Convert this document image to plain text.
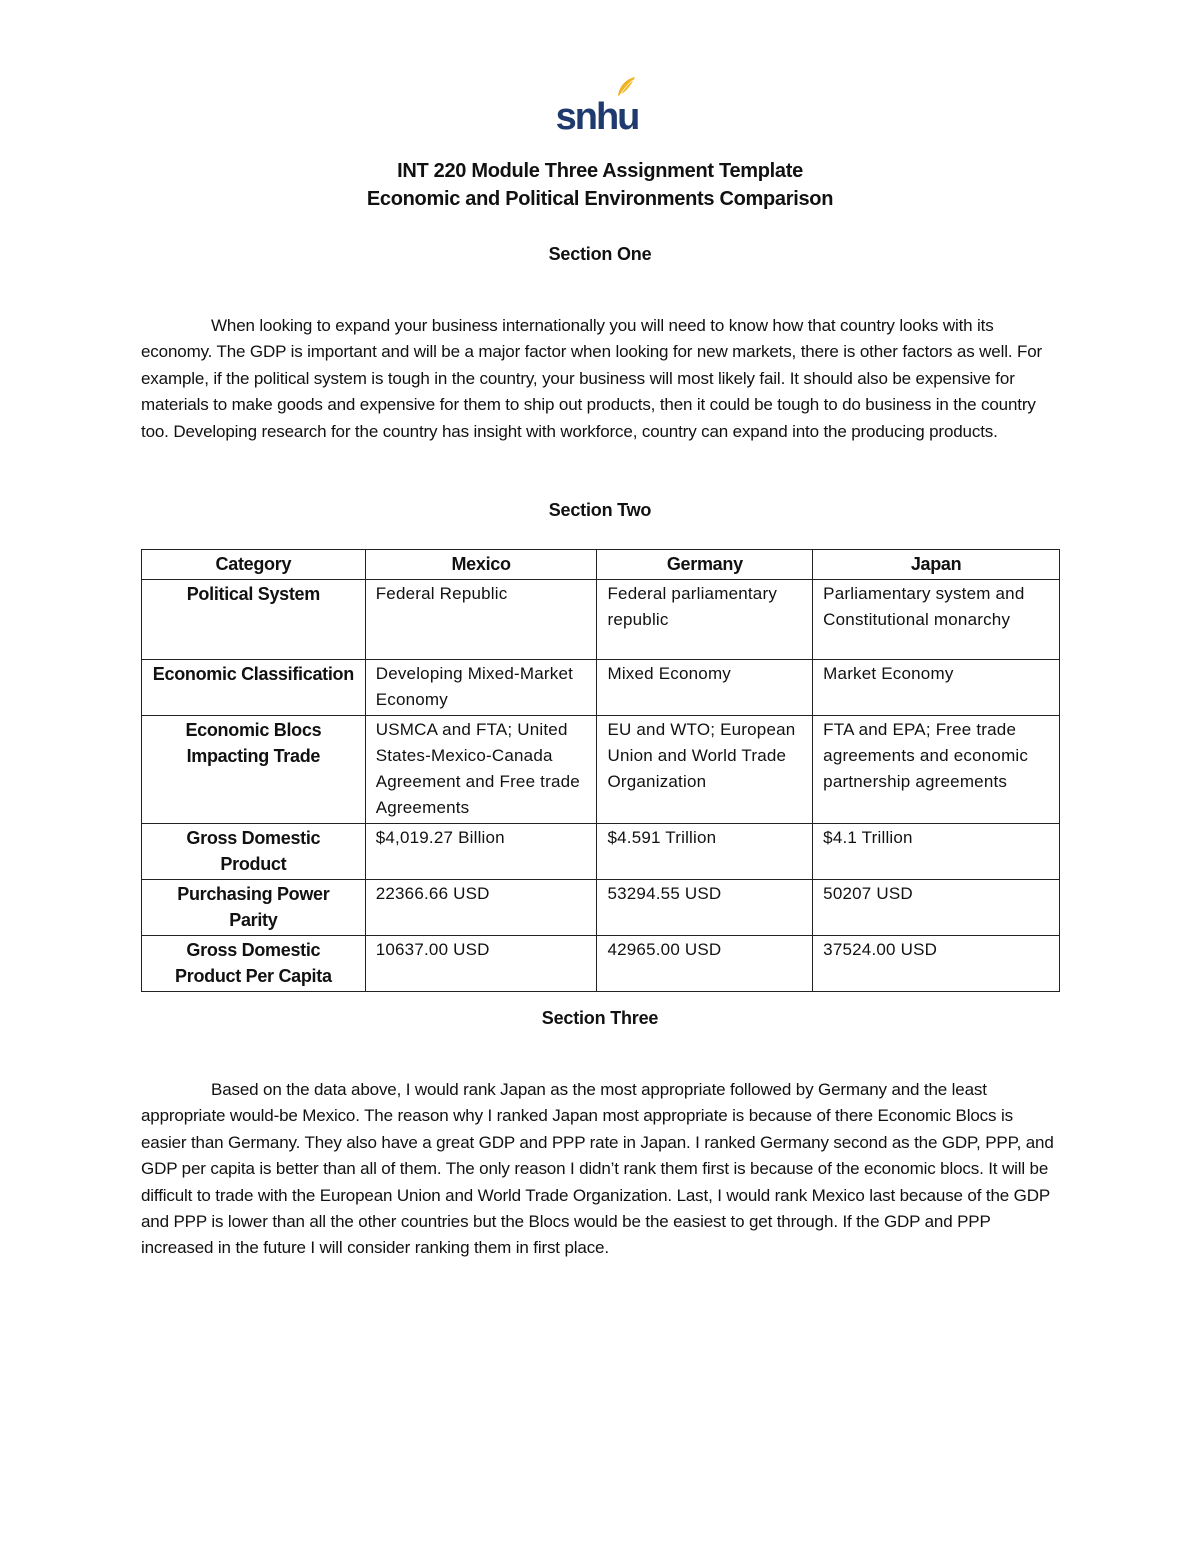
snhu
INT 220 Module Three Assignment Template
Economic and Political Environments Comparison
Section One

When looking to expand your business internationally you will need to know how that country looks with its economy. The GDP is important and will be a major factor when looking for new markets, there is other factors as well. For example, if the political system is tough in the country, your business will most likely fail. It should also be expensive for materials to make goods and expensive for them to ship out products, then it could be tough to do business in the country too. Developing research for the country has insight with workforce, country can expand into the producing products.

Section Two
Category	Mexico	Germany	Japan
Political System	Federal Republic	Federal parliamentary republic	Parliamentary system and Constitutional monarchy
Economic Classification	Developing Mixed-Market Economy	Mixed Economy	Market Economy
Economic Blocs Impacting Trade	USMCA and FTA; United States-Mexico-Canada Agreement and Free trade Agreements	EU and WTO; European Union and World Trade Organization	FTA and EPA; Free trade agreements and economic partnership agreements
Gross Domestic Product	$4,019.27 Billion	$4.591 Trillion	$4.1 Trillion
Purchasing Power Parity	22366.66 USD	53294.55 USD	50207 USD
Gross Domestic Product Per Capita	10637.00 USD	42965.00 USD	37524.00 USD
Section Three

Based on the data above, I would rank Japan as the most appropriate followed by Germany and the least appropriate would-be Mexico. The reason why I ranked Japan most appropriate is because of there Economic Blocs is easier than Germany. They also have a great GDP and PPP rate in Japan. I ranked Germany second as the GDP, PPP, and GDP per capita is better than all of them. The only reason I didn’t rank them first is because of the economic blocs. It will be difficult to trade with the European Union and World Trade Organization. Last, I would rank Mexico last because of the GDP and PPP is lower than all the other countries but the Blocs would be the easiest to get through. If the GDP and PPP increased in the future I will consider ranking them in first place.
